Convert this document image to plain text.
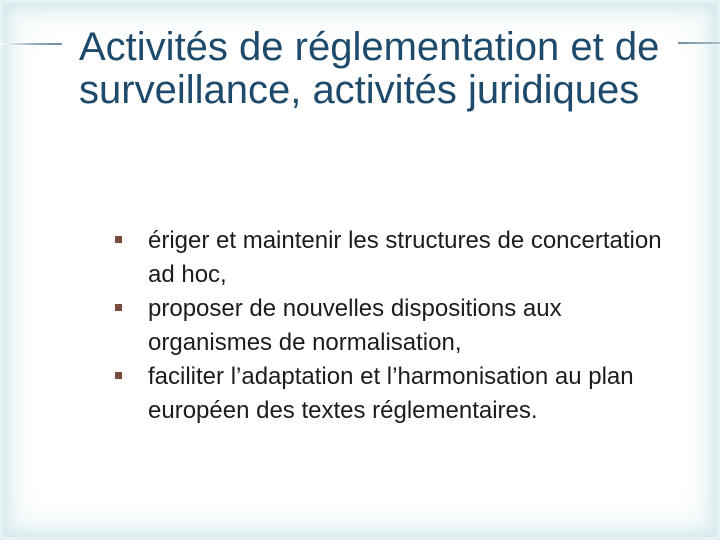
Activités de réglementation et de surveillance, activités juridiques
ériger et maintenir les structures de concertation ad hoc,
proposer de nouvelles dispositions aux organismes de normalisation,
faciliter l’adaptation et l’harmonisation au plan européen des textes réglementaires.
